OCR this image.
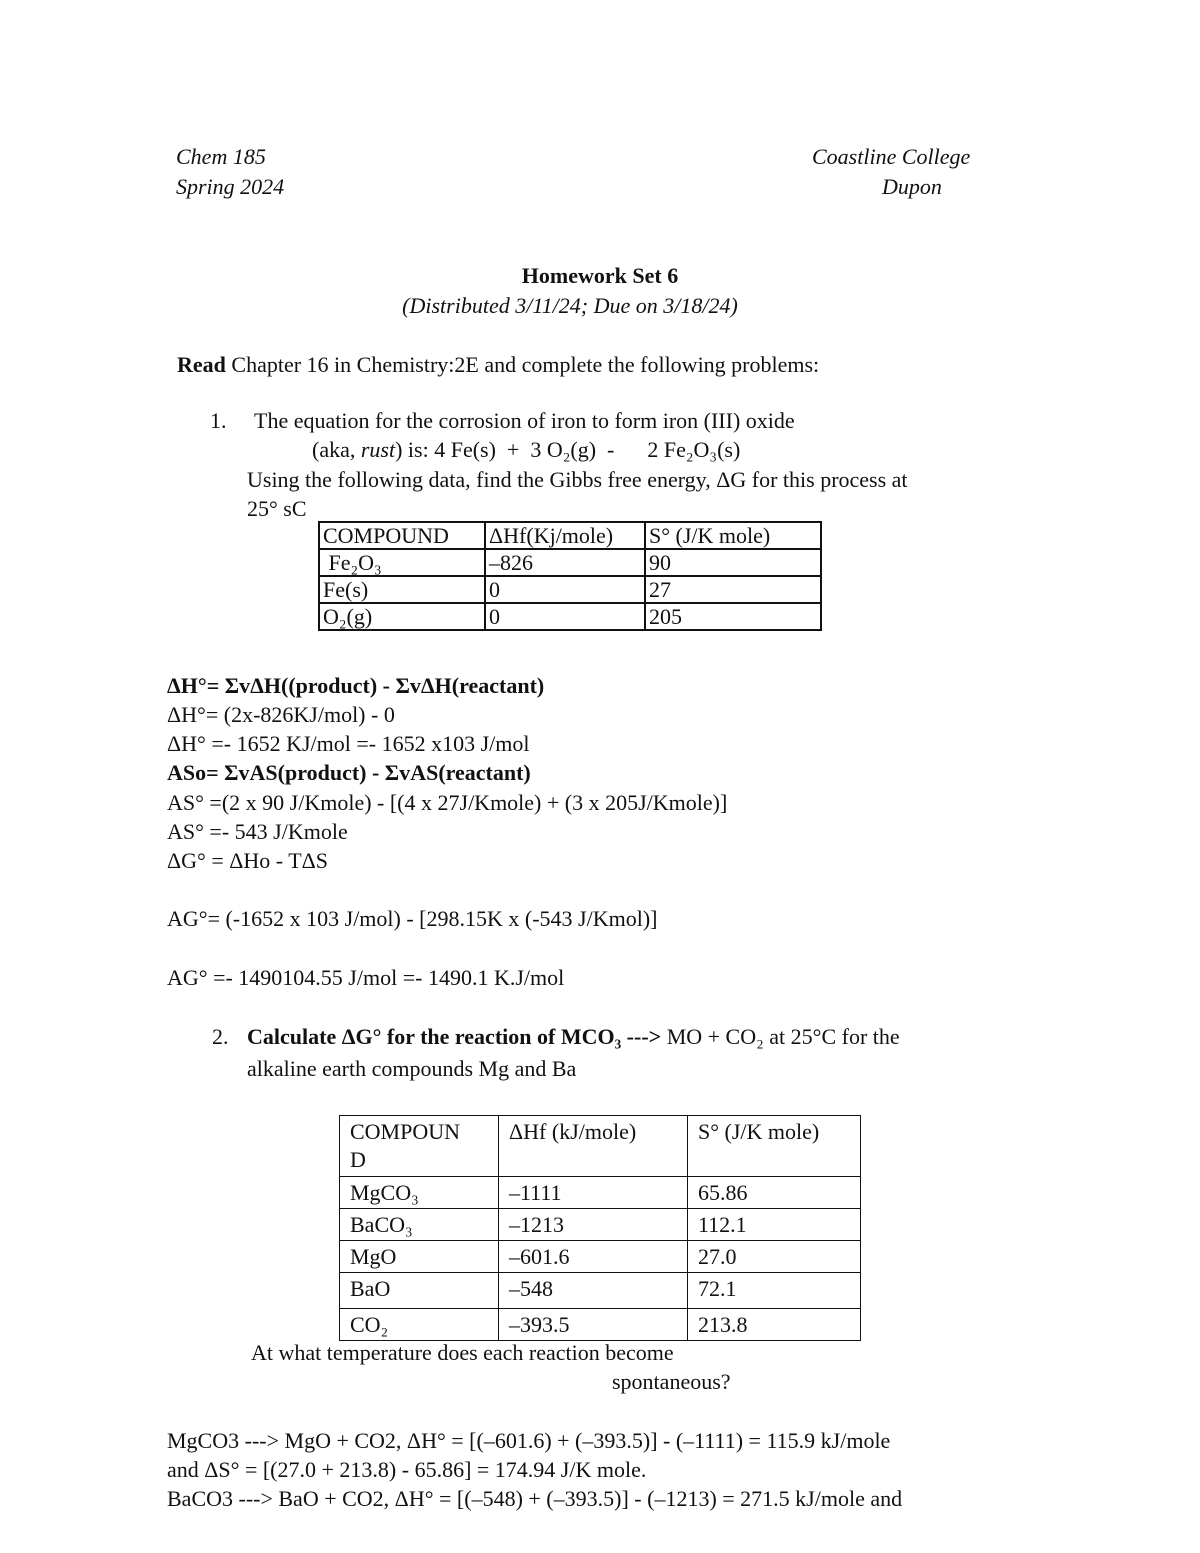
Chem 185
Spring 2024
Coastline College
Dupon
Homework Set 6
(Distributed 3/11/24; Due on 3/18/24)
Read Chapter 16 in Chemistry:2E and complete the following problems:
1. The equation for the corrosion of iron to form iron (III) oxide
(aka, rust) is: 4 Fe(s)  +  3 O₂(g)  -      2 Fe₂O₃(s)
Using the following data, find the Gibbs free energy, ΔG for this process at
25° sC
COMPOUND	ΔHf(Kj/mole)	S° (J/K mole)
Fe₂O₃	–826	90
Fe(s)	0	27
O₂(g)	0	205
ΔH°= ΣvΔH((product) - ΣvΔH(reactant)
ΔH°= (2x-826KJ/mol) - 0
ΔH° =- 1652 KJ/mol =- 1652 x103 J/mol
ASo= ΣvAS(product) - ΣvAS(reactant)
AS° =(2 x 90 J/Kmole) - [(4 x 27J/Kmole) + (3 x 205J/Kmole)]
AS° =- 543 J/Kmole
ΔG° = ΔHo - TΔS
AG°= (-1652 x 103 J/mol) - [298.15K x (-543 J/Kmol)]
AG° =- 1490104.55 J/mol =- 1490.1 K.J/mol
2. Calculate ΔG° for the reaction of MCO₃ ---> MO + CO₂ at 25°C for the
alkaline earth compounds Mg and Ba
COMPOUN
D	ΔHf (kJ/mole)	S° (J/K mole)
MgCO₃	–1111	65.86
BaCO₃	–1213	112.1
MgO	–601.6	27.0
BaO	–548	72.1
CO₂	–393.5	213.8
At what temperature does each reaction become
spontaneous?
MgCO3 ---> MgO + CO2, ΔH° = [(–601.6) + (–393.5)] - (–1111) = 115.9 kJ/mole
and ΔS° = [(27.0 + 213.8) - 65.86] = 174.94 J/K mole.
BaCO3 ---> BaO + CO2, ΔH° = [(–548) + (–393.5)] - (–1213) = 271.5 kJ/mole and
